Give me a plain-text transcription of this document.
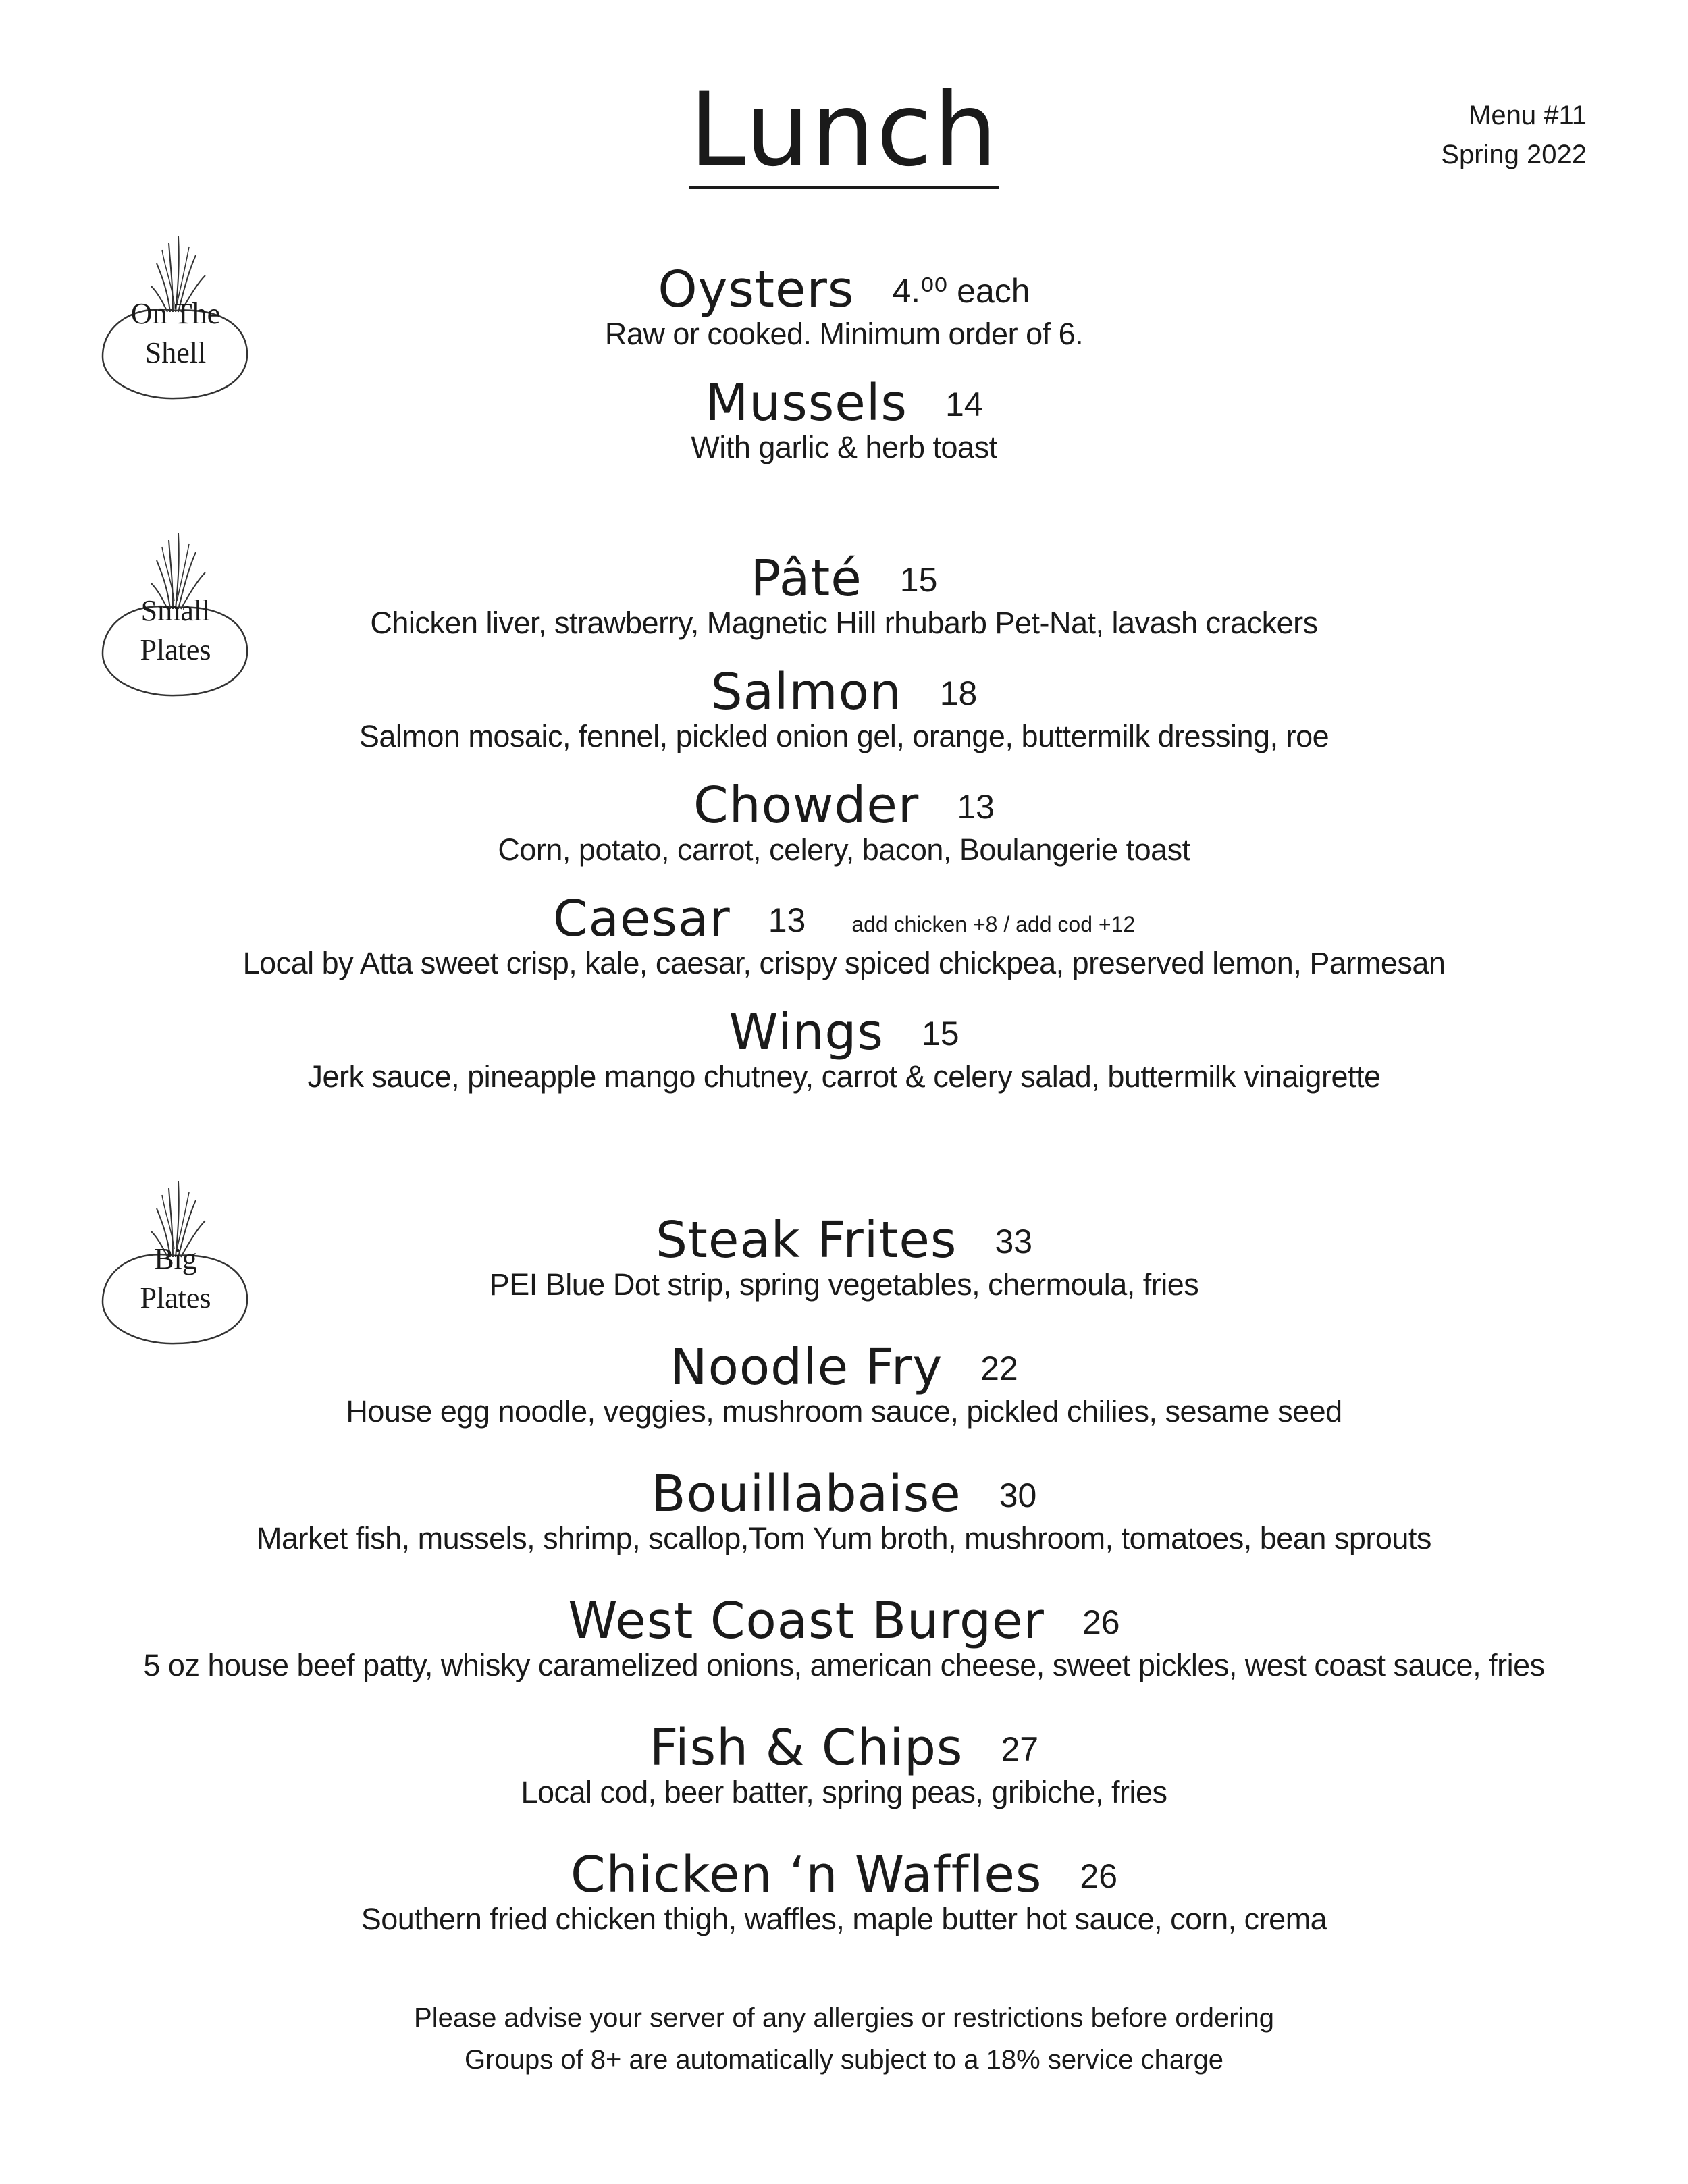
Lunch	Menu #11
Spring 2022
On The
Shell
Small
Plates
Big
Plates
Oysters 4.⁰⁰ each
Raw or cooked. Minimum order of 6.
Mussels 14
With garlic & herb toast
Pâté 15
Chicken liver, strawberry, Magnetic Hill rhubarb Pet-Nat, lavash crackers
Salmon 18
Salmon mosaic, fennel, pickled onion gel, orange, buttermilk dressing, roe
Chowder 13
Corn, potato, carrot, celery, bacon, Boulangerie toast
Caesar 13 add chicken +8 / add cod +12
Local by Atta sweet crisp, kale, caesar, crispy spiced chickpea, preserved lemon, Parmesan
Wings 15
Jerk sauce, pineapple mango chutney, carrot & celery salad, buttermilk vinaigrette
Steak Frites 33
PEI Blue Dot strip, spring vegetables, chermoula, fries
Noodle Fry 22
House egg noodle, veggies, mushroom sauce, pickled chilies, sesame seed
Bouillabaise 30
Market fish, mussels, shrimp, scallop,Tom Yum broth, mushroom, tomatoes, bean sprouts
West Coast Burger 26
5 oz house beef patty, whisky caramelized onions, american cheese, sweet pickles, west coast sauce, fries
Fish & Chips 27
Local cod, beer batter, spring peas, gribiche, fries
Chicken ‘n Waffles 26
Southern fried chicken thigh, waffles, maple butter hot sauce, corn, crema
Please advise your server of any allergies or restrictions before ordering
Groups of 8+ are automatically subject to a 18% service charge
